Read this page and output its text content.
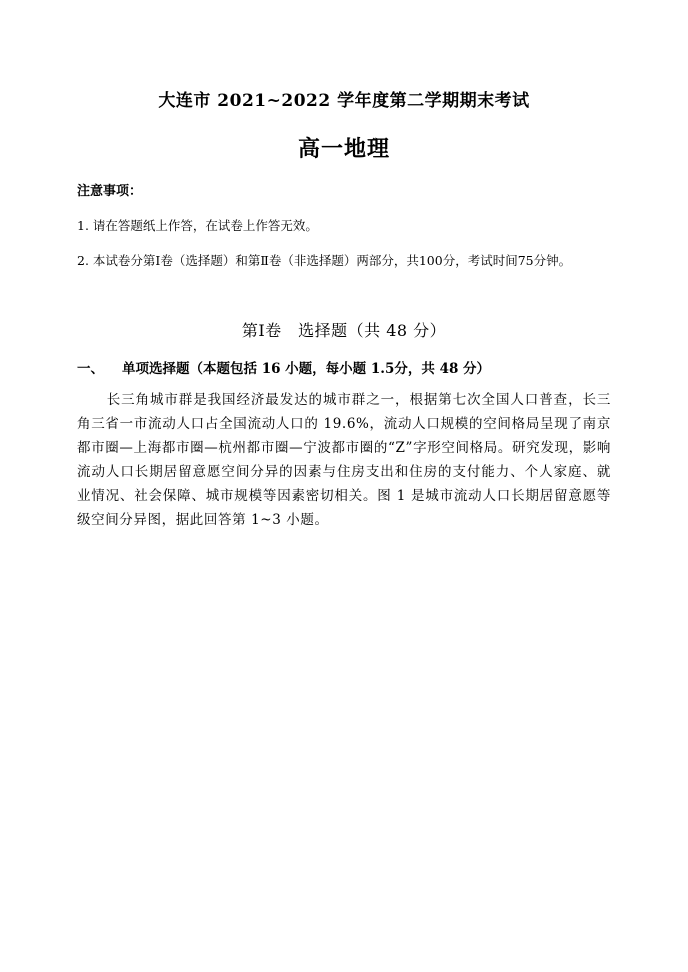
大连市 2021~2022 学年度第二学期期末考试
高一地理
注意事项：
1. 请在答题纸上作答，在试卷上作答无效。
2. 本试卷分第Ⅰ卷（选择题）和第Ⅱ卷（非选择题）两部分，共100分，考试时间75分钟。
第Ⅰ卷　选择题（共 48 分）
一、 单项选择题（本题包括 16 小题，每小题 1.5分，共 48 分）
长三角城市群是我国经济最发达的城市群之一，根据第七次全国人口普查，长三角三省一市流动人口占全国流动人口的 19.6%，流动人口规模的空间格局呈现了南京都市圈—上海都市圈—杭州都市圈—宁波都市圈的“Z”字形空间格局。研究发现，影响流动人口长期居留意愿空间分异的因素与住房支出和住房的支付能力、个人家庭、就业情况、社会保障、城市规模等因素密切相关。图 1 是城市流动人口长期居留意愿等级空间分异图，据此回答第 1~3 小题。
